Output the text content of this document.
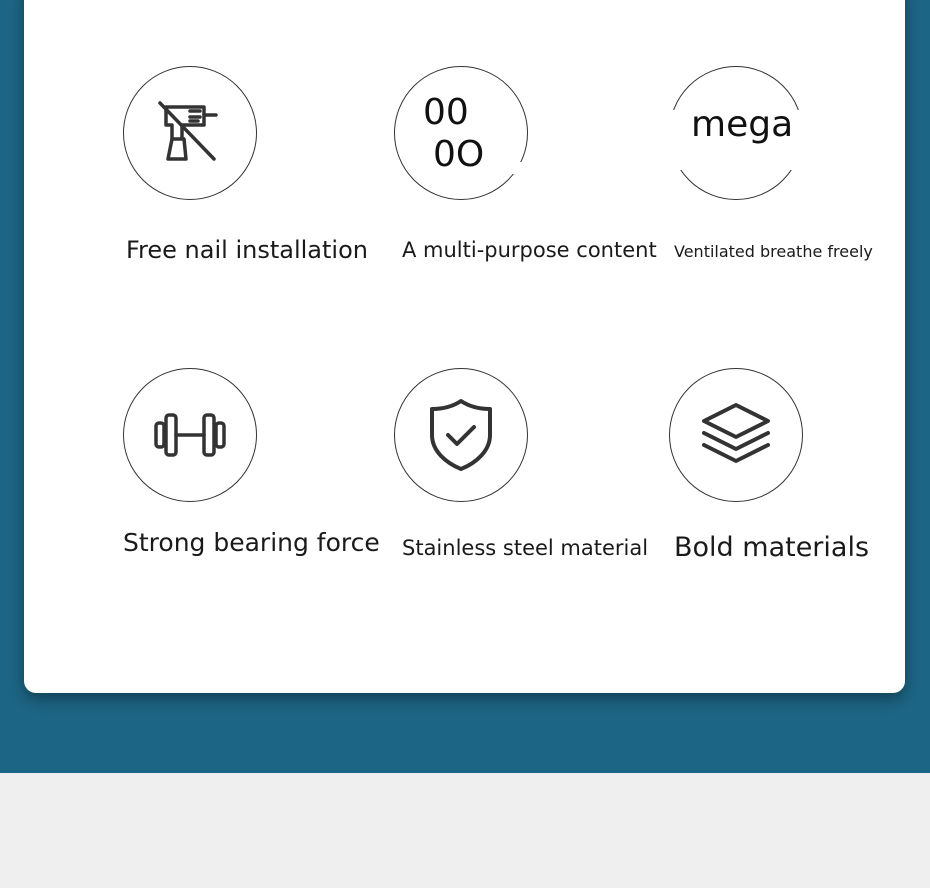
Free nail installation
00
0O
A multi-purpose content
mega
Ventilated breathe freely
Strong bearing force Stainless steel material Bold materials
